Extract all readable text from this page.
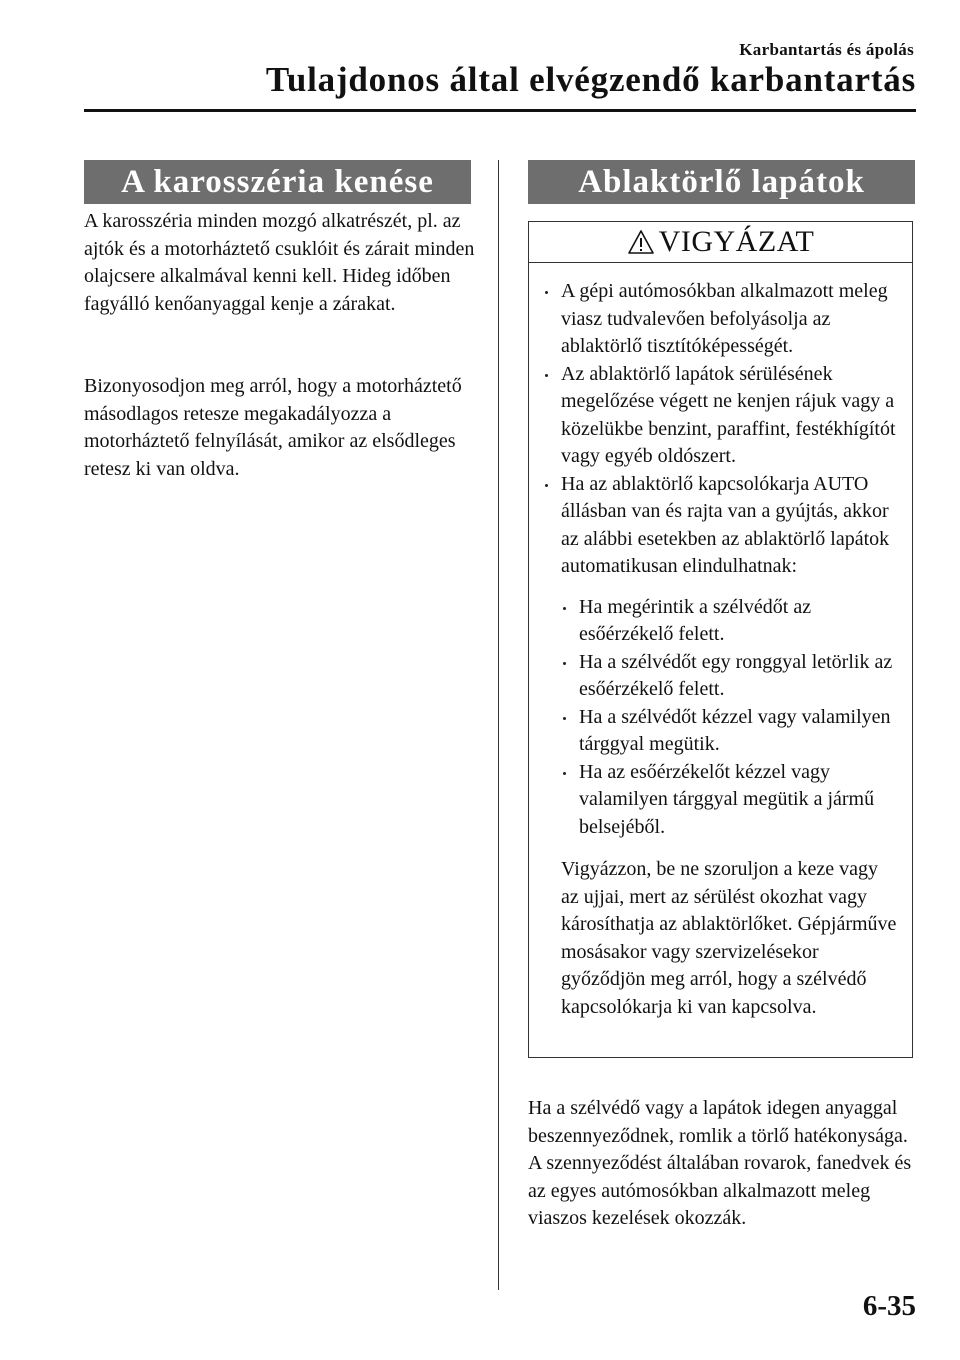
Karbantartás és ápolás
Tulajdonos által elvégzendő karbantartás
A karosszéria kenése

A karosszéria minden mozgó alkatrészét, pl. az ajtók és a motorháztető csuklóit és zárait minden olajcsere alkalmával kenni kell. Hideg időben fagyálló kenőanyaggal kenje a zárakat.

Bizonyosodjon meg arról, hogy a motorháztető másodlagos retesze megakadályozza a motorháztető felnyílását, amikor az elsődleges retesz ki van oldva.

Ablaktörlő lapátok
VIGYÁZAT
A gépi autómosókban alkalmazott meleg viasz tudvalevően befolyásolja az ablaktörlő tisztítóképességét.
Az ablaktörlő lapátok sérülésének megelőzése végett ne kenjen rájuk vagy a közelükbe benzint, paraffint, festékhígítót vagy egyéb oldószert.
Ha az ablaktörlő kapcsolókarja AUTO állásban van és rajta van a gyújtás, akkor az alábbi esetekben az ablaktörlő lapátok automatikusan elindulhatnak:
Ha megérintik a szélvédőt az esőérzékelő felett.
Ha a szélvédőt egy ronggyal letörlik az esőérzékelő felett.
Ha a szélvédőt kézzel vagy valamilyen tárggyal megütik.
Ha az esőérzékelőt kézzel vagy valamilyen tárggyal megütik a jármű belsejéből.
Vigyázzon, be ne szoruljon a keze vagy az ujjai, mert az sérülést okozhat vagy károsíthatja az ablaktörlőket. Gépjárműve mosásakor vagy szervizelésekor győződjön meg arról, hogy a szélvédő kapcsolókarja ki van kapcsolva.

Ha a szélvédő vagy a lapátok idegen anyaggal beszennyeződnek, romlik a törlő hatékonysága. A szennyeződést általában rovarok, fanedvek és az egyes autómosókban alkalmazott meleg viaszos kezelések okozzák.

6-35
